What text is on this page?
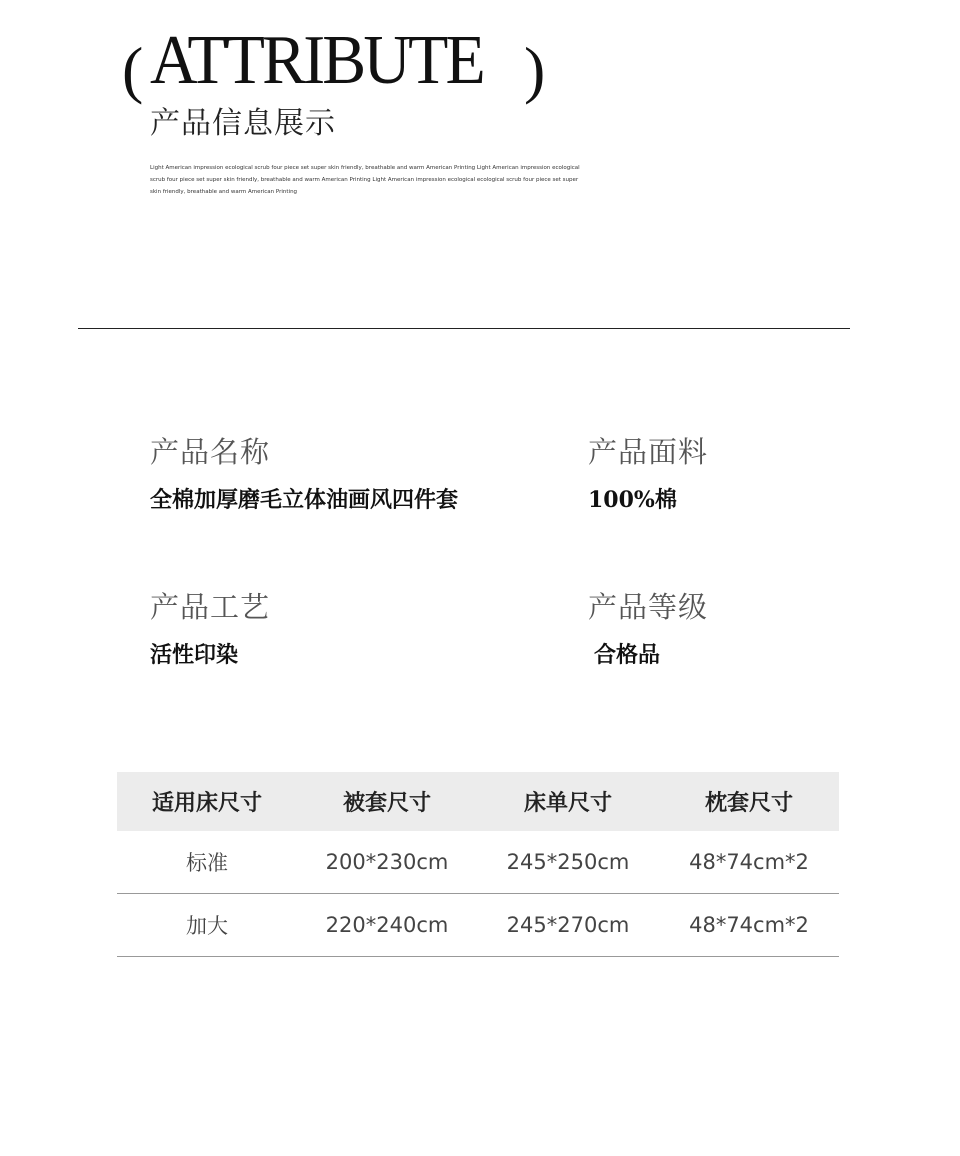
( ATTRIBUTE )
产品信息展示
Light American impression ecological scrub four piece set super skin friendly, breathable and warm American Printing Light American impression ecological scrub four piece set super skin friendly, breathable and warm American Printing Light American impression ecological ecological scrub four piece set super skin friendly, breathable and warm American Printing
产品名称
全棉加厚磨毛立体油画风四件套
产品面料
100%棉
产品工艺
活性印染
产品等级
合格品
适用床尺寸	被套尺寸	床单尺寸	枕套尺寸
标准	200*230cm	245*250cm	48*74cm*2
加大	220*240cm	245*270cm	48*74cm*2
